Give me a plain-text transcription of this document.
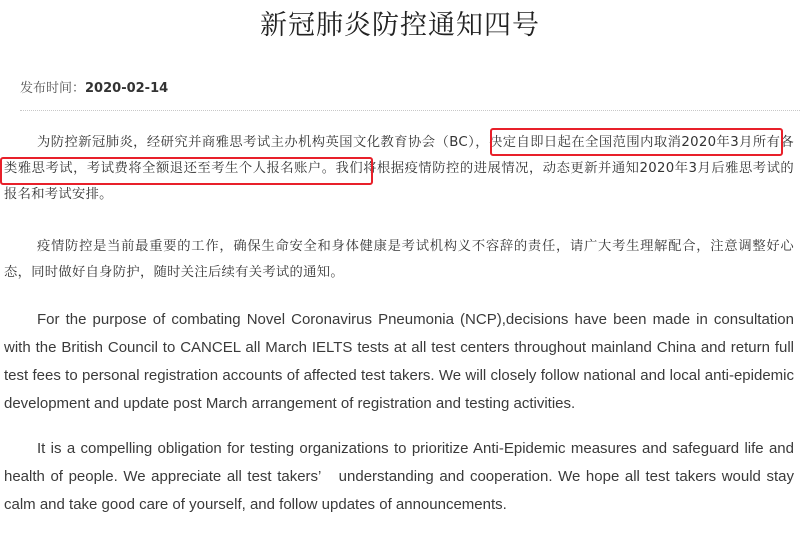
新冠肺炎防控通知四号
发布时间：2020-02-14

为防控新冠肺炎，经研究并商雅思考试主办机构英国文化教育协会（BC），决定自即日起在全国范围内取消2020年3月所有各类雅思考试，考试费将全额退还至考生个人报名账户。我们将根据疫情防控的进展情况，动态更新并通知2020年3月后雅思考试的报名和考试安排。

疫情防控是当前最重要的工作，确保生命安全和身体健康是考试机构义不容辞的责任，请广大考生理解配合，注意调整好心态，同时做好自身防护，随时关注后续有关考试的通知。

For the purpose of combating Novel Coronavirus Pneumonia (NCP),decisions have been made in consultation with the British Council to CANCEL all March IELTS tests at all test centers throughout mainland China and return full test fees to personal registration accounts of affected test takers. We will closely follow national and local anti-epidemic development and update post March arrangement of registration and testing activities.

It is a compelling obligation for testing organizations to prioritize Anti-Epidemic measures and safeguard life and health of people. We appreciate all test takers’　understanding and cooperation. We hope all test takers would stay calm and take good care of yourself, and follow updates of announcements.
